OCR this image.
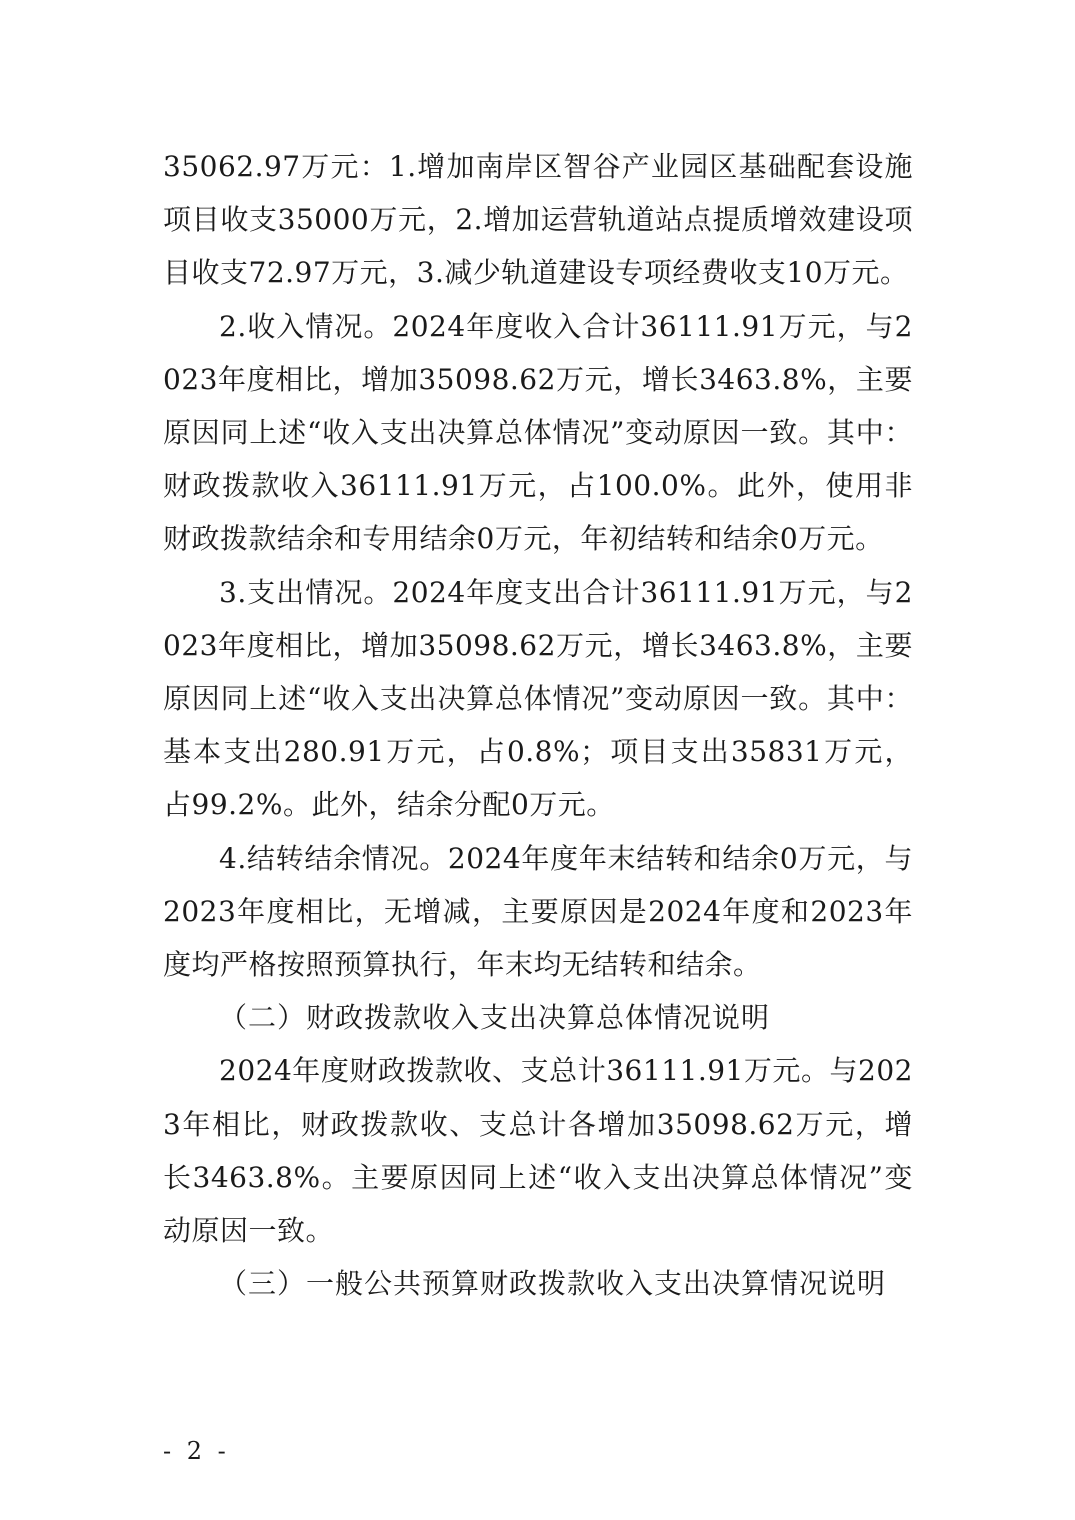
35062.97万元：1.增加南岸区智谷产业园区基础配套设施项目收支35000万元，2.增加运营轨道站点提质增效建设项目收支72.97万元，3.减少轨道建设专项经费收支10万元。

2.收入情况。2024年度收入合计36111.91万元，与2023年度相比，增加35098.62万元，增长3463.8%，主要原因同上述“收入支出决算总体情况”变动原因一致。其中：财政拨款收入36111.91万元，占100.0%。此外，使用非财政拨款结余和专用结余0万元，年初结转和结余0万元。

3.支出情况。2024年度支出合计36111.91万元，与2023年度相比，增加35098.62万元，增长3463.8%，主要原因同上述“收入支出决算总体情况”变动原因一致。其中：基本支出280.91万元，占0.8%；项目支出35831万元，占99.2%。此外，结余分配0万元。

4.结转结余情况。2024年度年末结转和结余0万元，与2023年度相比，无增减，主要原因是2024年度和2023年度均严格按照预算执行，年末均无结转和结余。

（二）财政拨款收入支出决算总体情况说明

2024年度财政拨款收、支总计36111.91万元。与2023年相比，财政拨款收、支总计各增加35098.62万元，增长3463.8%。主要原因同上述“收入支出决算总体情况”变动原因一致。

（三）一般公共预算财政拨款收入支出决算情况说明

- 2 -
